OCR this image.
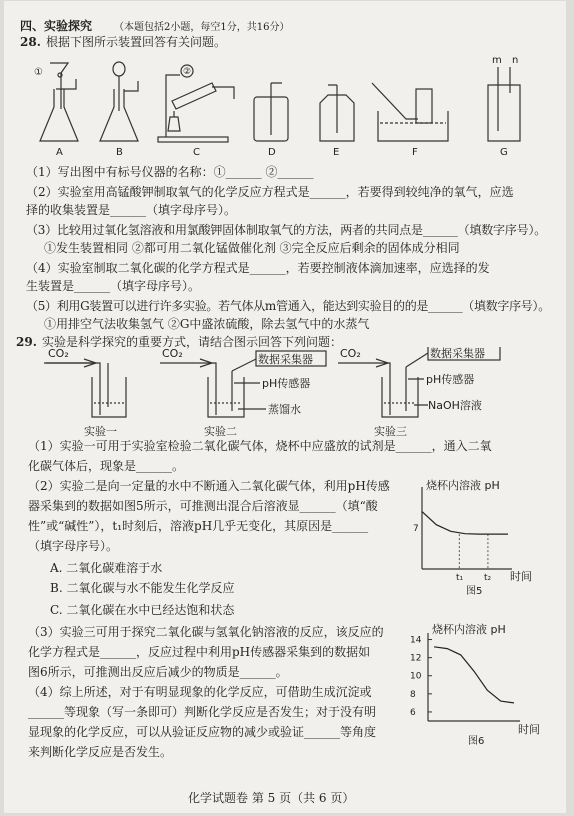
四、实验探究 （本题包括2小题，每空1分，共16分）
28. 根据下图所示装置回答有关问题。
①	②
m n
A	B	C	D	E	F	G
（1）写出图中有标号仪器的名称：①______ ②______
（2）实验室用高锰酸钾制取氧气的化学反应方程式是______，若要得到较纯净的氧气，应选
择的收集装置是______（填字母序号）。
（3）比较用过氧化氢溶液和用氯酸钾固体制取氧气的方法，两者的共同点是______（填数字序号）。
①发生装置相同 ②都可用二氧化锰做催化剂 ③完全反应后剩余的固体成分相同
（4）实验室制取二氧化碳的化学方程式是______，若要控制液体滴加速率，应选择的发
生装置是______（填字母序号）。
（5）利用G装置可以进行许多实验。若气体从m管通入，能达到实验目的的是______（填数字序号）。
①用排空气法收集氢气 ②G中盛浓硫酸，除去氢气中的水蒸气
29. 实验是科学探究的重要方式，请结合图示回答下列问题：
CO₂	CO₂	CO₂
数据采集器
pH传感器
蒸馏水
数据采集器
pH传感器
NaOH溶液
实验一	实验二	实验三
（1）实验一可用于实验室检验二氧化碳气体，烧杯中应盛放的试剂是______，通入二氧
化碳气体后，现象是______。
（2）实验二是向一定量的水中不断通入二氧化碳气体，利用pH传感
器采集到的数据如图5所示，可推测出混合后溶液显______（填“酸
性”或“碱性”），t₁时刻后，溶液pH几乎无变化，其原因是______
（填字母序号）。
A. 二氧化碳难溶于水
B. 二氧化碳与水不能发生化学反应
C. 二氧化碳在水中已经达饱和状态
（3）实验三可用于探究二氧化碳与氢氧化钠溶液的反应，该反应的
化学方程式是______，反应过程中利用pH传感器采集到的数据如
图6所示，可推测出反应后减少的物质是______。
（4）综上所述，对于有明显现象的化学反应，可借助生成沉淀或
______等现象（写一条即可）判断化学反应是否发生；对于没有明
显现象的化学反应，可以从验证反应物的减少或验证______等角度
来判断化学反应是否发生。
烧杯内溶液 pH
7
t₁ t₂ 时间
图5
烧杯内溶液 pH
6
8
10
12
14
时间
图6
化学试题卷 第 5 页（共 6 页）
